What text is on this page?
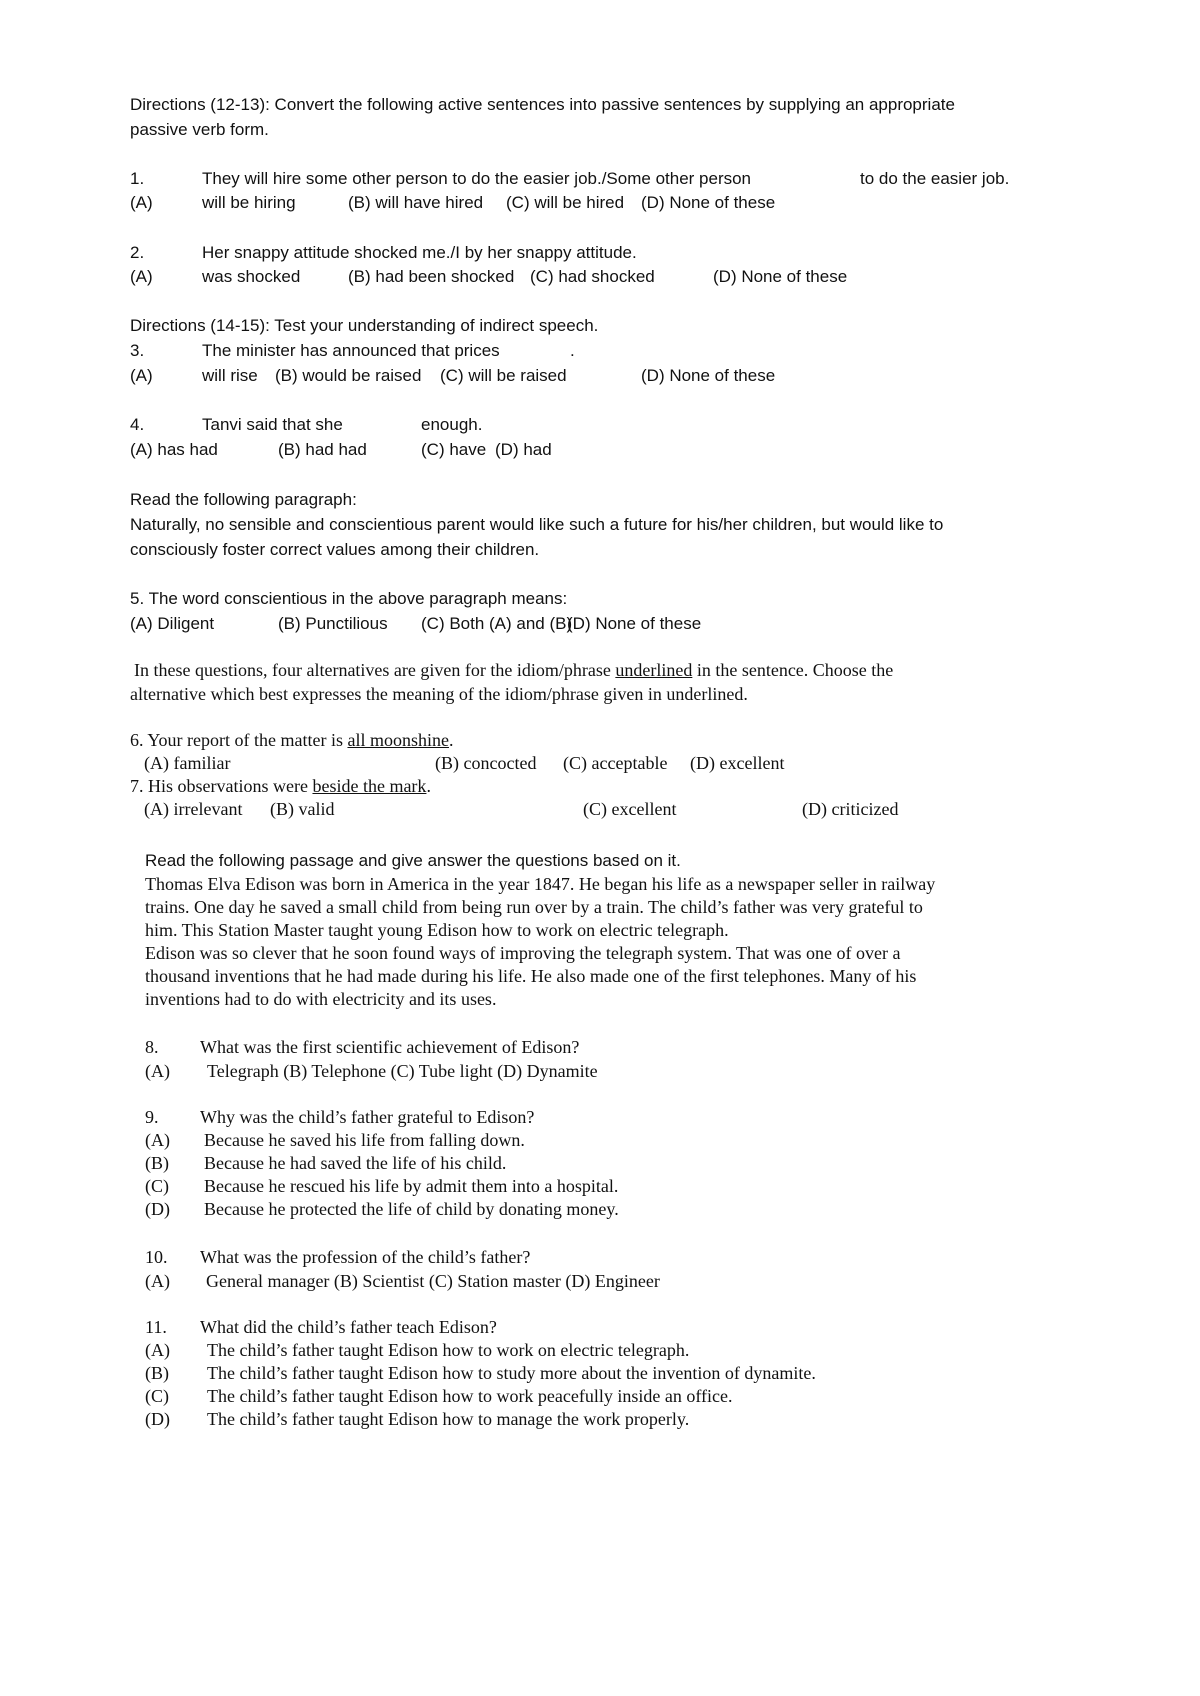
Directions (12-13): Convert the following active sentences into passive sentences by supplying an appropriate
passive verb form.
1.	They will hire some other person to do the easier job./Some other person	to do the easier job.
(A)	will be hiring	(B) will have hired (C) will be hired (D) None of these
2.	Her snappy attitude shocked me./I by her snappy attitude.
(A)	was shocked	(B) had been shocked (C) had shocked	(D) None of these
Directions (14-15): Test your understanding of indirect speech.
3.	The minister has announced that prices	.
(A)	will rise (B) would be raised (C) will be raised	(D) None of these
4.	Tanvi said that she	enough.
(A) has had	(B) had had	(C) have (D) had
Read the following paragraph:
Naturally, no sensible and conscientious parent would like such a future for his/her children, but would like to
consciously foster correct values among their children.
5. The word conscientious in the above paragraph means:
(A) Diligent	(B) Punctilious (C) Both (A) and (B)
(D) None of these
In these questions, four alternatives are given for the idiom/phrase underlined in the sentence. Choose the
alternative which best expresses the meaning of the idiom/phrase given in underlined.
6. Your report of the matter is all moonshine.
(A) familiar	(B) concocted (C) acceptable (D) excellent
7. His observations were beside the mark.
(A) irrelevant (B) valid	(C) excellent	(D) criticized
Read the following passage and give answer the questions based on it.
Thomas Elva Edison was born in America in the year 1847. He began his life as a newspaper seller in railway
trains. One day he saved a small child from being run over by a train. The child’s father was very grateful to
him. This Station Master taught young Edison how to work on electric telegraph.
Edison was so clever that he soon found ways of improving the telegraph system. That was one of over a
thousand inventions that he had made during his life. He also made one of the first telephones. Many of his
inventions had to do with electricity and its uses.
8. What was the first scientific achievement of Edison?
(A) Telegraph (B) Telephone (C) Tube light (D) Dynamite
9. Why was the child’s father grateful to Edison?
(A) Because he saved his life from falling down.
(B) Because he had saved the life of his child.
(C) Because he rescued his life by admit them into a hospital.
(D) Because he protected the life of child by donating money.
10. What was the profession of the child’s father?
(A) General manager (B) Scientist (C) Station master (D) Engineer
11. What did the child’s father teach Edison?
(A) The child’s father taught Edison how to work on electric telegraph.
(B) The child’s father taught Edison how to study more about the invention of dynamite.
(C) The child’s father taught Edison how to work peacefully inside an office.
(D) The child’s father taught Edison how to manage the work properly.
